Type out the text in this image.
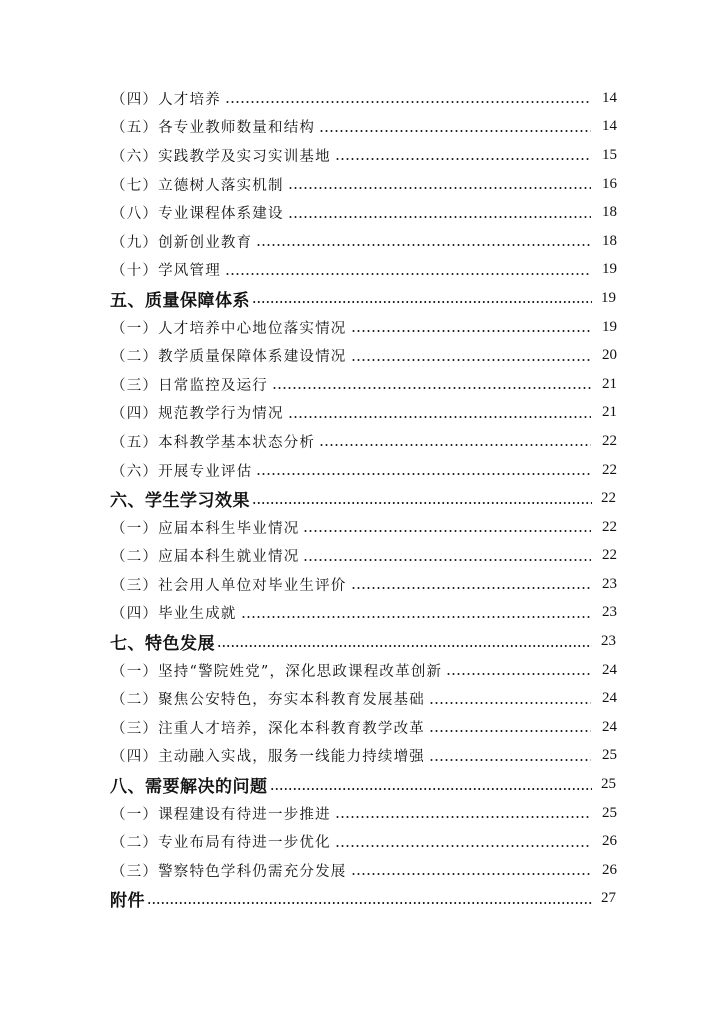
（四）人才培养	14
（五）各专业教师数量和结构	14
（六）实践教学及实习实训基地	15
（七）立德树人落实机制	16
（八）专业课程体系建设	18
（九）创新创业教育	18
（十）学风管理	19
五、质量保障体系	19
（一）人才培养中心地位落实情况	19
（二）教学质量保障体系建设情况	20
（三）日常监控及运行	21
（四）规范教学行为情况	21
（五）本科教学基本状态分析	22
（六）开展专业评估	22
六、学生学习效果	22
（一）应届本科生毕业情况	22
（二）应届本科生就业情况	22
（三）社会用人单位对毕业生评价	23
（四）毕业生成就	23
七、特色发展	23
（一）坚持“警院姓党”，深化思政课程改革创新	24
（二）聚焦公安特色，夯实本科教育发展基础	24
（三）注重人才培养，深化本科教育教学改革	24
（四）主动融入实战，服务一线能力持续增强	25
八、需要解决的问题	25
（一）课程建设有待进一步推进	25
（二）专业布局有待进一步优化	26
（三）警察特色学科仍需充分发展	26
附件	27
